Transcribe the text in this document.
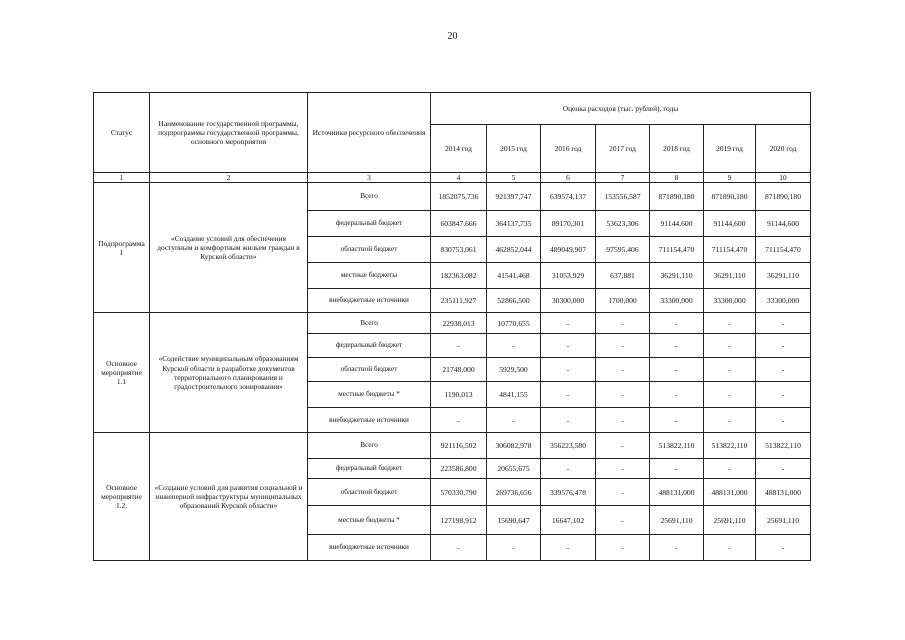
20
Статус	Наименование государственной программы, подпрограммы государственной программы, основного мероприятия	Источники ресурсного обеспечения	Оценка расходов (тыс. рублей), годы						
			2014 год	2015 год	2016 год	2017 год	2018 год	2019 год	2020 год
1	2	3	4	5	6	7	8	9	10
Подпрограмма 1	«Создание условий для обеспечения доступным и комфортным жильем граждан в Курской области»	Всего	1852075,736	921397,747	639574,137	153556,587	871890,180	871890,180	871890,180
		федеральный бюджет	603847,666	364137,735	89170,301	53623,306	91144,600	91144,600	91144,600
		областной бюджет	830753,061	462852,044	489049,907	97595,406	711154,470	711154,470	711154,470
		местные бюджеты	182363,082	41541,468	31053,929	637,881	36291,110	36291,110	36291,110
		внебюджетные источники	235111,927	52866,500	30300,000	1700,000	33300,000	33300,000	33300,000
Основное мероприятие 1.1	«Содействие муниципальным образованиям Курской области в разработке документов территориального планирования и градостроительного зонирования»	Всего	22938,013	10770,655	-	-	-	-	-
		федеральный бюджет	-	-	-	-	-	-	-
		областной бюджет	21748,000	5929,500	-	-	-	-	-
		местные бюджеты *	1190,013	4841,155	-	-	-	-	-
		внебюджетные источники	-	-	-	-	-	-	-
Основное мероприятие 1.2.	«Создание условий для развития социальной и инженерной инфраструктуры муниципальных образований Курской области»	Всего	921116,502	306082,978	356223,580	-	513822,110	513822,110	513822,110
		федеральный бюджет	223586,800	20655,675	-	-	-	-	-
		областной бюджет	570330,790	269736,656	339576,478	-	488131,000	488131,000	488131,000
		местные бюджеты *	127198,912	15690,647	16647,102	-	25691,110	25691,110	25691,110
		внебюджетные источники	-	-	-	-	-	-	-
